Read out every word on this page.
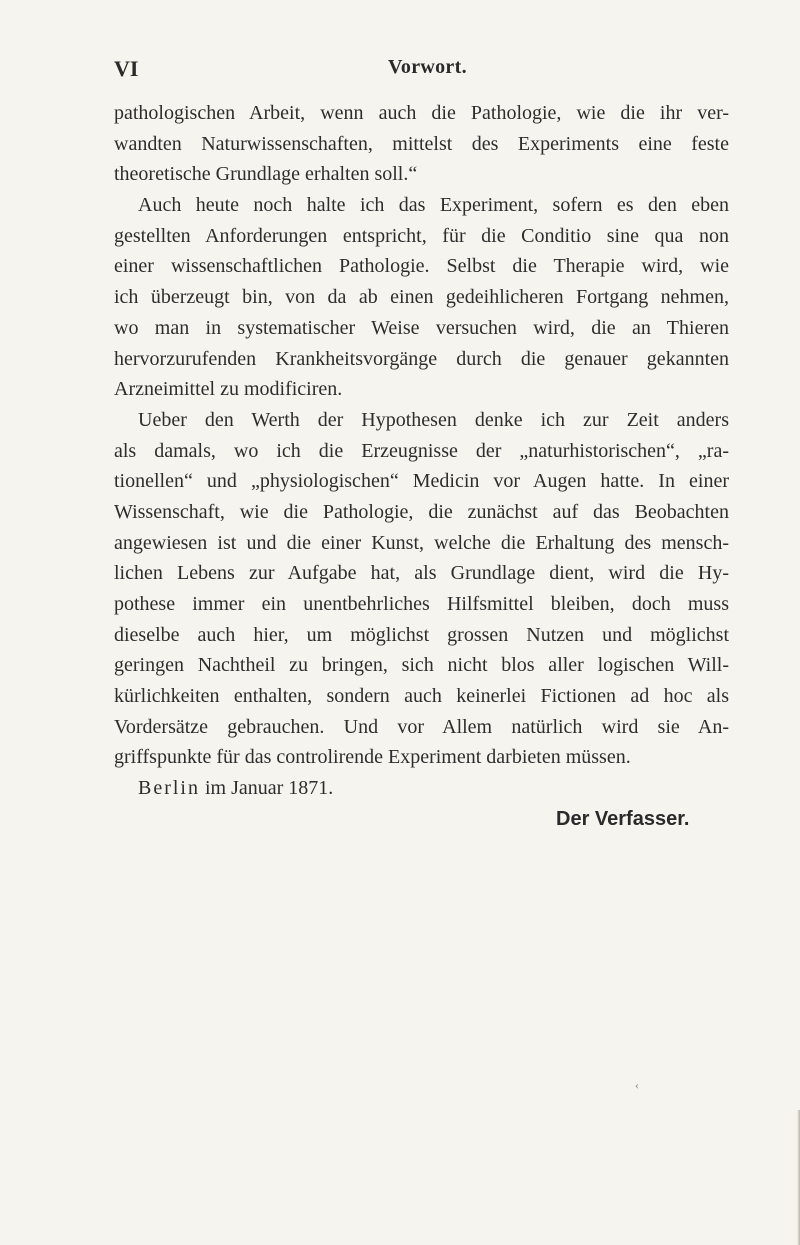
VI	Vorwort.
pathologischen Arbeit, wenn auch die Pathologie, wie die ihr ver-
wandten Naturwissenschaften, mittelst des Experiments eine feste
theoretische Grundlage erhalten soll.“
Auch heute noch halte ich das Experiment, sofern es den eben
gestellten Anforderungen entspricht, für die Conditio sine qua non
einer wissenschaftlichen Pathologie. Selbst die Therapie wird, wie
ich überzeugt bin, von da ab einen gedeihlicheren Fortgang nehmen,
wo man in systematischer Weise versuchen wird, die an Thieren
hervorzurufenden Krankheitsvorgänge durch die genauer gekannten
Arzneimittel zu modificiren.
Ueber den Werth der Hypothesen denke ich zur Zeit anders
als damals, wo ich die Erzeugnisse der „naturhistorischen“, „ra-
tionellen“ und „physiologischen“ Medicin vor Augen hatte. In einer
Wissenschaft, wie die Pathologie, die zunächst auf das Beobachten
angewiesen ist und die einer Kunst, welche die Erhaltung des mensch-
lichen Lebens zur Aufgabe hat, als Grundlage dient, wird die Hy-
pothese immer ein unentbehrliches Hilfsmittel bleiben, doch muss
dieselbe auch hier, um möglichst grossen Nutzen und möglichst
geringen Nachtheil zu bringen, sich nicht blos aller logischen Will-
kürlichkeiten enthalten, sondern auch keinerlei Fictionen ad hoc als
Vordersätze gebrauchen. Und vor Allem natürlich wird sie An-
griffspunkte für das controlirende Experiment darbieten müssen.
Berlin im Januar 1871.
Der Verfasser.
‹
